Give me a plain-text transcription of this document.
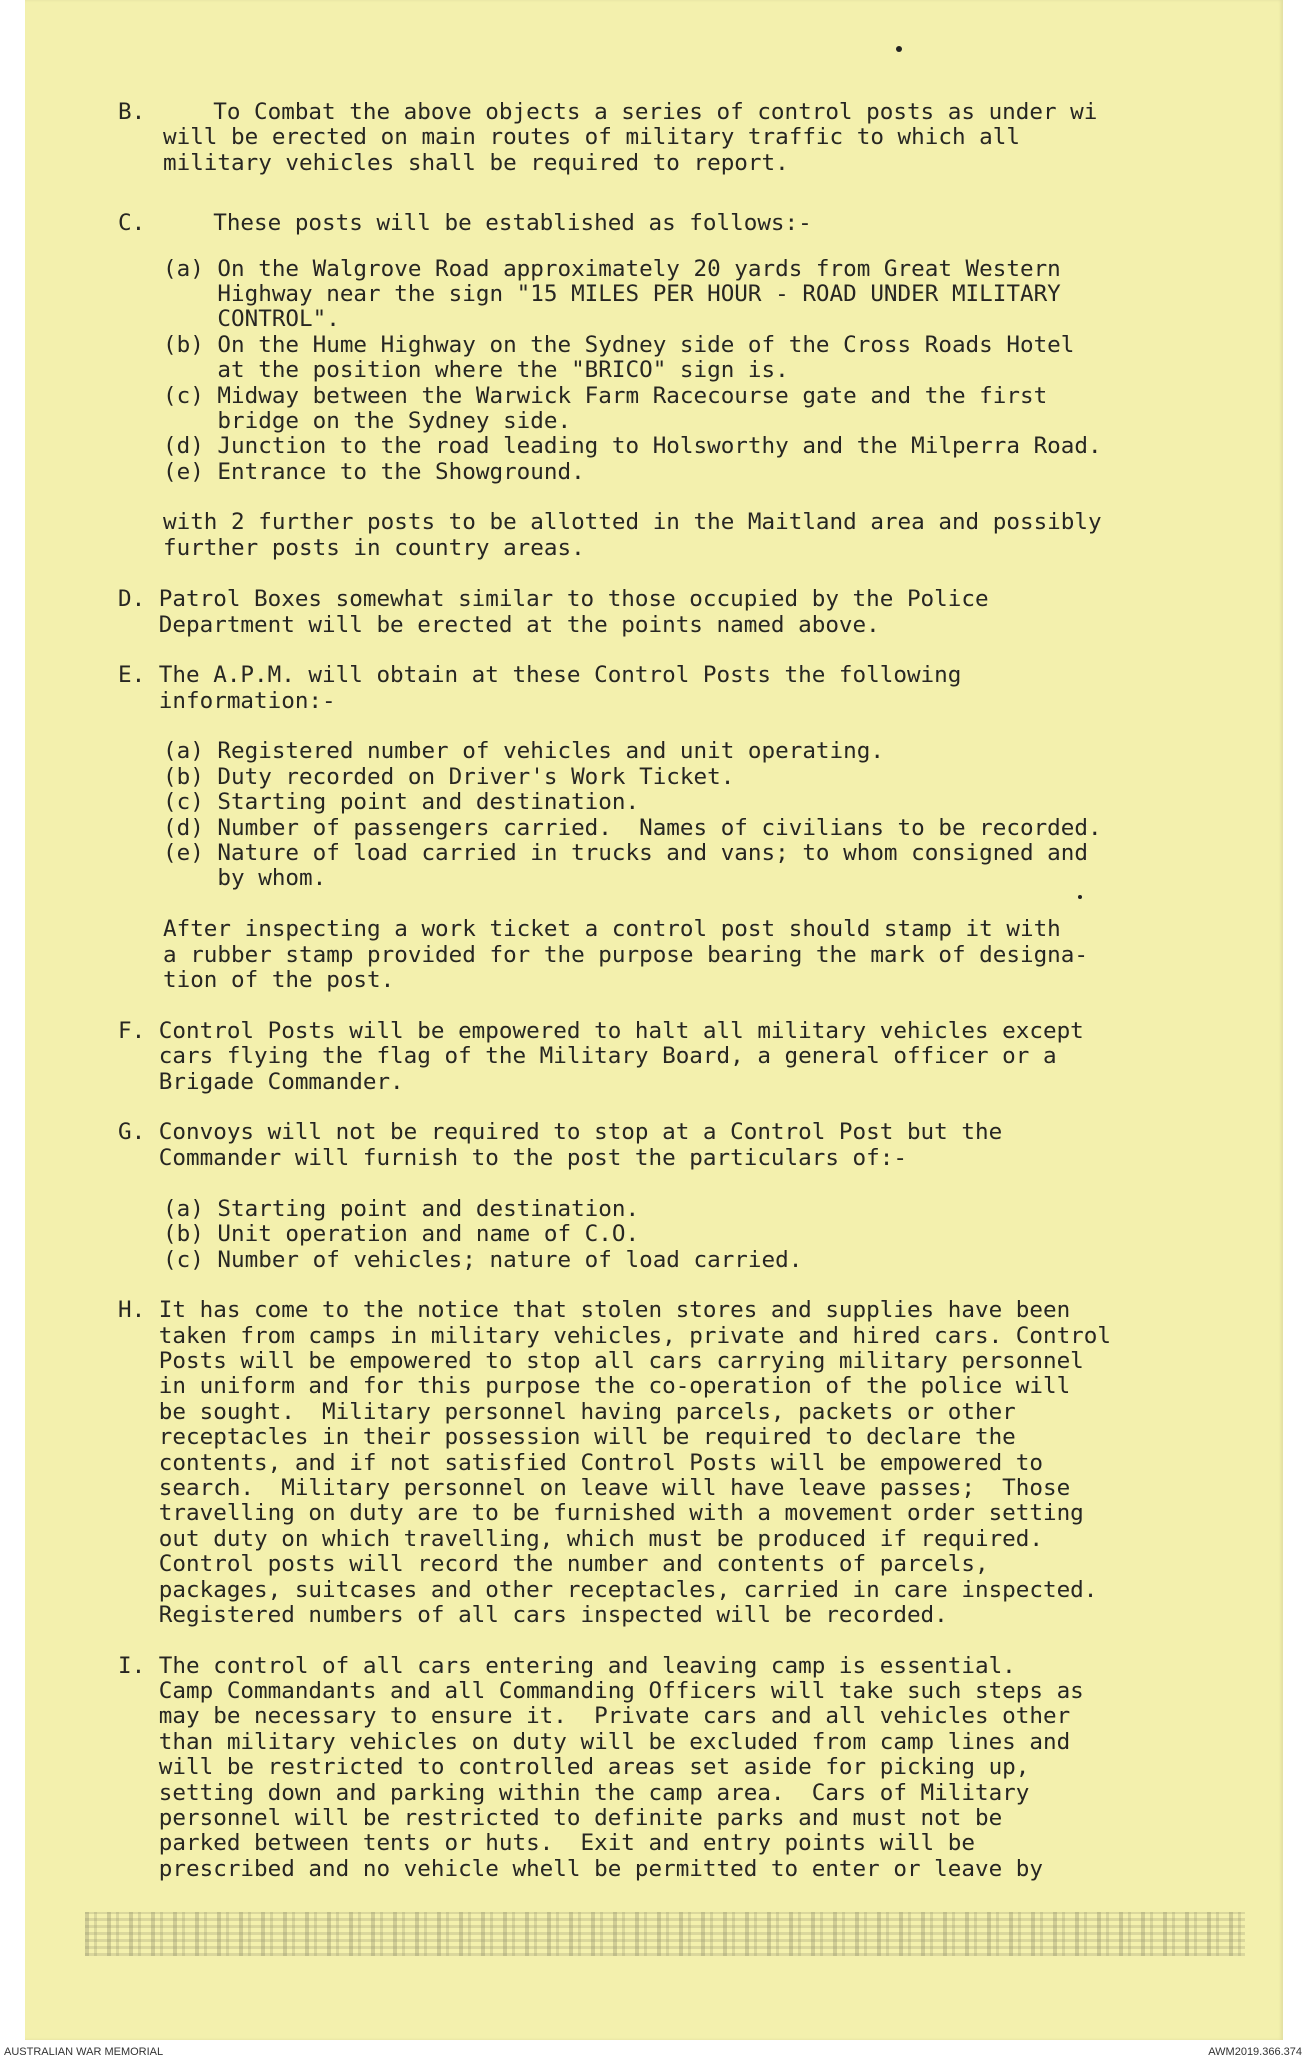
B.     To Combat the above objects a series of control posts as under wi
will be erected on main routes of military traffic to which all
military vehicles shall be required to report.
C.     These posts will be established as follows:-
(a) On the Walgrove Road approximately 20 yards from Great Western
Highway near the sign "15 MILES PER HOUR - ROAD UNDER MILITARY
CONTROL".
(b) On the Hume Highway on the Sydney side of the Cross Roads Hotel
at the position where the "BRICO" sign is.
(c) Midway between the Warwick Farm Racecourse gate and the first
bridge on the Sydney side.
(d) Junction to the road leading to Holsworthy and the Milperra Road.
(e) Entrance to the Showground.
with 2 further posts to be allotted in the Maitland area and possibly
further posts in country areas.
D. Patrol Boxes somewhat similar to those occupied by the Police
Department will be erected at the points named above.
E. The A.P.M. will obtain at these Control Posts the following
information:-
(a) Registered number of vehicles and unit operating.
(b) Duty recorded on Driver's Work Ticket.
(c) Starting point and destination.
(d) Number of passengers carried.  Names of civilians to be recorded.
(e) Nature of load carried in trucks and vans; to whom consigned and
by whom.
After inspecting a work ticket a control post should stamp it with
a rubber stamp provided for the purpose bearing the mark of designa-
tion of the post.
F. Control Posts will be empowered to halt all military vehicles except
cars flying the flag of the Military Board, a general officer or a
Brigade Commander.
G. Convoys will not be required to stop at a Control Post but the
Commander will furnish to the post the particulars of:-
(a) Starting point and destination.
(b) Unit operation and name of C.O.
(c) Number of vehicles; nature of load carried.
H. It has come to the notice that stolen stores and supplies have been
taken from camps in military vehicles, private and hired cars. Control
Posts will be empowered to stop all cars carrying military personnel
in uniform and for this purpose the co-operation of the police will
be sought.  Military personnel having parcels, packets or other
receptacles in their possession will be required to declare the
contents, and if not satisfied Control Posts will be empowered to
search.  Military personnel on leave will have leave passes;  Those
travelling on duty are to be furnished with a movement order setting
out duty on which travelling, which must be produced if required.
Control posts will record the number and contents of parcels,
packages, suitcases and other receptacles, carried in care inspected.
Registered numbers of all cars inspected will be recorded.
I. The control of all cars entering and leaving camp is essential.
Camp Commandants and all Commanding Officers will take such steps as
may be necessary to ensure it.  Private cars and all vehicles other
than military vehicles on duty will be excluded from camp lines and
will be restricted to controlled areas set aside for picking up,
setting down and parking within the camp area.  Cars of Military
personnel will be restricted to definite parks and must not be
parked between tents or huts.  Exit and entry points will be
prescribed and no vehicle whell be permitted to enter or leave by
AUSTRALIAN WAR MEMORIAL	AWM2019.366.374
